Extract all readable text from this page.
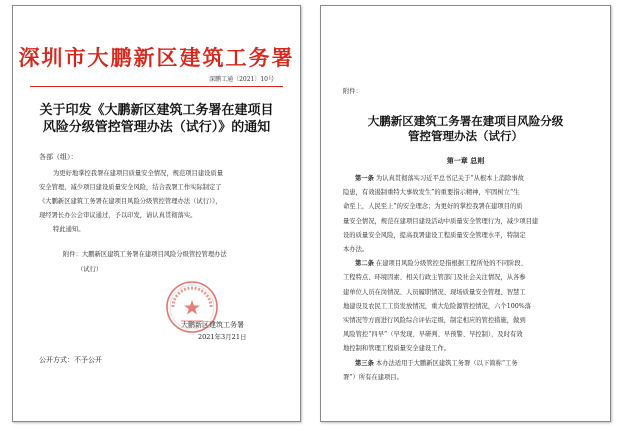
深圳市大鹏新区建筑工务署
深鹏工通〔2021〕10号
关于印发《大鹏新区建筑工务署在建项目
风险分级管控管理办法（试行）》的通知
各部（组）：
为更好地掌控我署在建项目质量安全情况，规范项目建设质量
安全管理，减少项目建设质量安全风险，结合我署工作实际制定了
《大鹏新区建筑工务署在建项目风险分级管控管理办法（试行）》，
现经署长办公会审议通过，予以印发，请认真贯彻落实。
特此通知。
附件：大鹏新区建筑工务署在建项目风险分级管控管理办法
（试行）
大鹏新区建筑工务署
2021年3月21日
公开方式：不予公开
附件：
大鹏新区建筑工务署在建项目风险分级
管控管理办法（试行）
第一章 总则
第一条 为认真贯彻落实习近平总书记关于“从根本上消除事故
隐患，有效遏制重特大事故发生”的重要指示精神，牢固树立“生
命至上，人民至上”的安全理念；为更好的掌控我署在建项目的质
量安全情况，规范在建项目建设活动中质量安全管理行为，减少项目建
设的质量安全风险，提高我署建设工程质量安全管理水平，特制定
本办法。
第二条 在建项目风险分级管控是指根据工程所处的不同阶段、
工程特点、环境因素、相关行政主管部门及社会关注情况，从各参
建单位人员在岗情况、人员履职情况、现场质量安全管理、智慧工
地建设及农民工工资发放情况，重大危险源管控情况，六个100%落
实情况等方面进行风险综合评估定级，制定相应的管控措施，做到
风险管控“四早”（早发现、早研判、早预警、早控制），及时有效
地控制和管理工程质量安全建设工作。
第三条 本办法适用于大鹏新区建筑工务署（以下简称“工务
署”）所有在建项目。
